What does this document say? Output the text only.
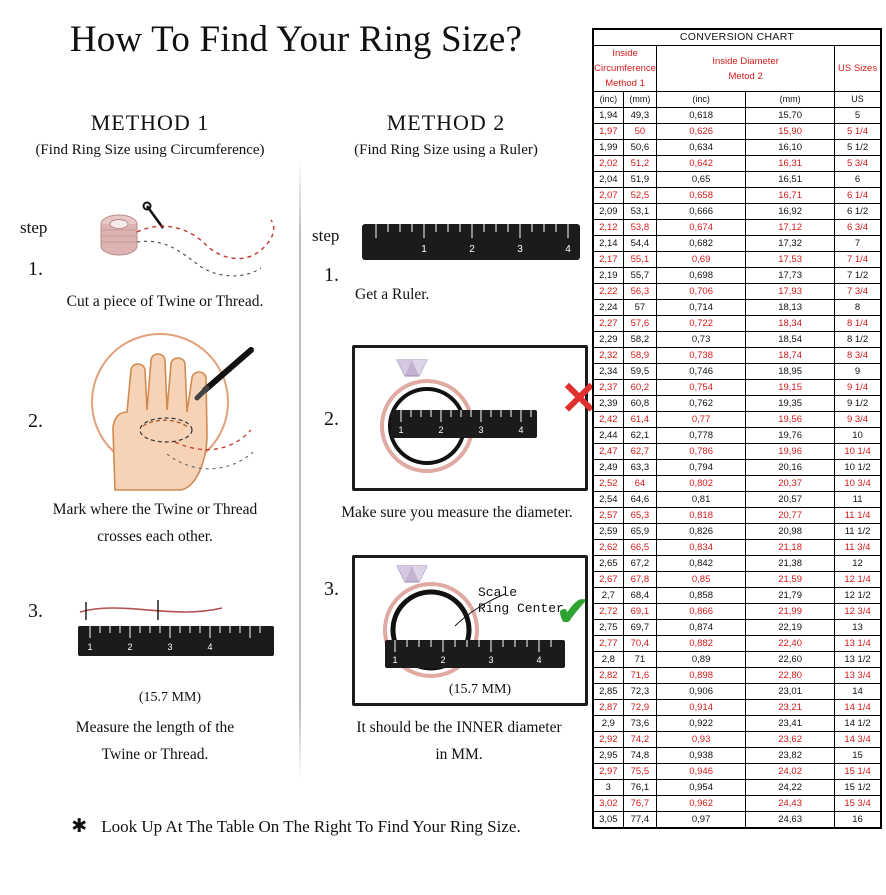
How To Find Your Ring Size?
METHOD 1
(Find Ring Size using Circumference)
step
1.
Cut a piece of Twine or Thread.
2.
Mark where the Twine or Thread
crosses each other.
3.
1	2	3	4
(15.7 MM)
Measure the length of the
Twine or Thread.
METHOD 2
(Find Ring Size using a Ruler)
step
1.
1	2	3	4
Get a Ruler.
2.	1	2	3	4
✕
Make sure you measure the diameter.
3.
1	2	3	4
Scale
Ring Center
✔
(15.7 MM)
It should be the INNER diameter
in MM.
✱ Look Up At The Table On The Right To Find Your Ring Size.
CONVERSION CHART				
Inside Circumference
Method 1		Inside Diameter
Metod 2		US Sizes
(inc)	(mm)	(inc)	(mm)	US
1,94	49,3	0,618	15,70	5
1,97	50	0,626	15,90	5 1/4
1,99	50,6	0,634	16,10	5 1/2
2,02	51,2	0,642	16,31	5 3/4
2,04	51,9	0,65	16,51	6
2,07	52,5	0,658	16,71	6 1/4
2,09	53,1	0,666	16,92	6 1/2
2,12	53,8	0,674	17,12	6 3/4
2,14	54,4	0,682	17,32	7
2,17	55,1	0,69	17,53	7 1/4
2,19	55,7	0,698	17,73	7 1/2
2,22	56,3	0,706	17,93	7 3/4
2,24	57	0,714	18,13	8
2,27	57,6	0,722	18,34	8 1/4
2,29	58,2	0,73	18,54	8 1/2
2,32	58,9	0,738	18,74	8 3/4
2,34	59,5	0,746	18,95	9
2,37	60,2	0,754	19,15	9 1/4
2,39	60,8	0,762	19,35	9 1/2
2,42	61,4	0,77	19,56	9 3/4
2,44	62,1	0,778	19,76	10
2,47	62,7	0,786	19,96	10 1/4
2,49	63,3	0,794	20,16	10 1/2
2,52	64	0,802	20,37	10 3/4
2,54	64,6	0,81	20,57	11
2,57	65,3	0,818	20,77	11 1/4
2,59	65,9	0,826	20,98	11 1/2
2,62	66,5	0,834	21,18	11 3/4
2,65	67,2	0,842	21,38	12
2,67	67,8	0,85	21,59	12 1/4
2,7	68,4	0,858	21,79	12 1/2
2,72	69,1	0,866	21,99	12 3/4
2,75	69,7	0,874	22,19	13
2,77	70,4	0,882	22,40	13 1/4
2,8	71	0,89	22,60	13 1/2
2,82	71,6	0,898	22,80	13 3/4
2,85	72,3	0,906	23,01	14
2,87	72,9	0,914	23,21	14 1/4
2,9	73,6	0,922	23,41	14 1/2
2,92	74,2	0,93	23,62	14 3/4
2,95	74,8	0,938	23,82	15
2,97	75,5	0,946	24,02	15 1/4
3	76,1	0,954	24,22	15 1/2
3,02	76,7	0,962	24,43	15 3/4
3,05	77,4	0,97	24,63	16
